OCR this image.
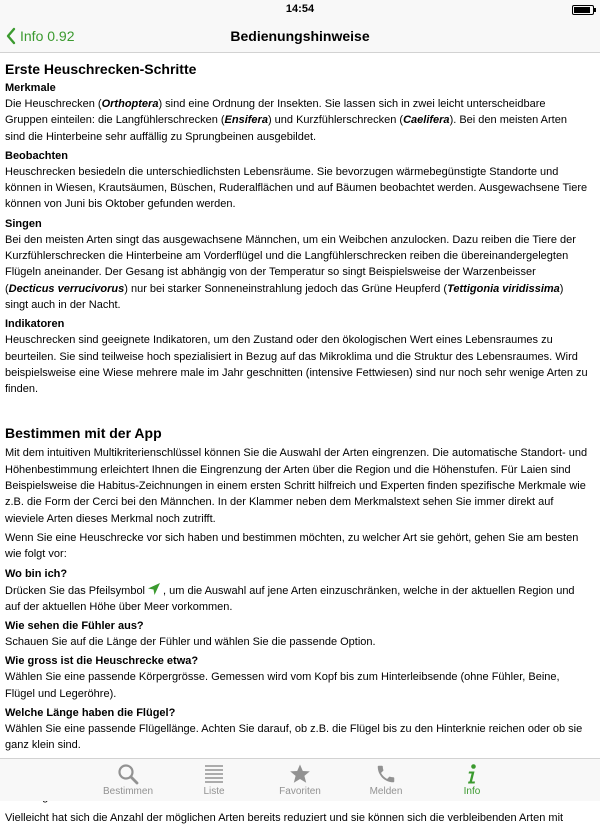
14:54
Info 0.92	Bedienungshinweise
Erste Heuschrecken-Schritte
Merkmale

Die Heuschrecken (Orthoptera) sind eine Ordnung der Insekten. Sie lassen sich in zwei leicht unterscheidbare Gruppen einteilen: die Langfühlerschrecken (Ensifera) und Kurzfühlerschrecken (Caelifera). Bei den meisten Arten sind die Hinterbeine sehr auffällig zu Sprungbeinen ausgebildet.

Beobachten

Heuschrecken besiedeln die unterschiedlichsten Lebensräume. Sie bevorzugen wärmebegünstigte Standorte und können in Wiesen, Krautsäumen, Büschen, Ruderalflächen und auf Bäumen beobachtet werden. Ausgewachsene Tiere können von Juni bis Oktober gefunden werden.

Singen

Bei den meisten Arten singt das ausgewachsene Männchen, um ein Weibchen anzulocken. Dazu reiben die Tiere der Kurzfühlerschrecken die Hinterbeine am Vorderflügel und die Langfühlerschrecken reiben die übereinandergelegten Flügeln aneinander. Der Gesang ist abhängig von der Temperatur so singt Beispielsweise der Warzenbeisser (Decticus verrucivorus) nur bei starker Sonneneinstrahlung jedoch das Grüne Heupferd (Tettigonia viridissima) singt auch in der Nacht.

Indikatoren

Heuschrecken sind geeignete Indikatoren, um den Zustand oder den ökologischen Wert eines Lebensraumes zu beurteilen. Sie sind teilweise hoch spezialisiert in Bezug auf das Mikroklima und die Struktur des Lebensraumes. Wird beispielsweise eine Wiese mehrere male im Jahr geschnitten (intensive Fettwiesen) sind nur noch sehr wenige Arten zu finden.

Bestimmen mit der App

Mit dem intuitiven Multikriterienschlüssel können Sie die Auswahl der Arten eingrenzen. Die automatische Standort- und Höhenbestimmung erleichtert Ihnen die Eingrenzung der Arten über die Region und die Höhenstufen. Für Laien sind Beispielsweise die Habitus-Zeichnungen in einem ersten Schritt hilfreich und Experten finden spezifische Merkmale wie z.B. die Form der Cerci bei den Männchen. In der Klammer neben dem Merkmalstext sehen Sie immer direkt auf wieviele Arten dieses Merkmal noch zutrifft.

Wenn Sie eine Heuschrecke vor sich haben und bestimmen möchten, zu welcher Art sie gehört, gehen Sie am besten wie folgt vor:

Wo bin ich?

Drücken Sie das Pfeilsymbol , um die Auswahl auf jene Arten einzuschränken, welche in der aktuellen Region und auf der aktuellen Höhe über Meer vorkommen.

Wie sehen die Fühler aus?

Schauen Sie auf die Länge der Fühler und wählen Sie die passende Option.

Wie gross ist die Heuschrecke etwa?

Wählen Sie eine passende Körpergrösse. Gemessen wird vom Kopf bis zum Hinterleibsende (ohne Fühler, Beine, Flügel und Legeröhre).

Welche Länge haben die Flügel?

Wählen Sie eine passende Flügellänge. Achten Sie darauf, ob z.B. die Flügel bis zu den Hinterknie reichen oder ob sie ganz klein sind.

Vielleicht hat sich die Anzahl der möglichen Arten bereits reduziert und sie können sich die verbleibenden Arten mit

Bestimmen	Liste	Favoriten	Melden	Info
